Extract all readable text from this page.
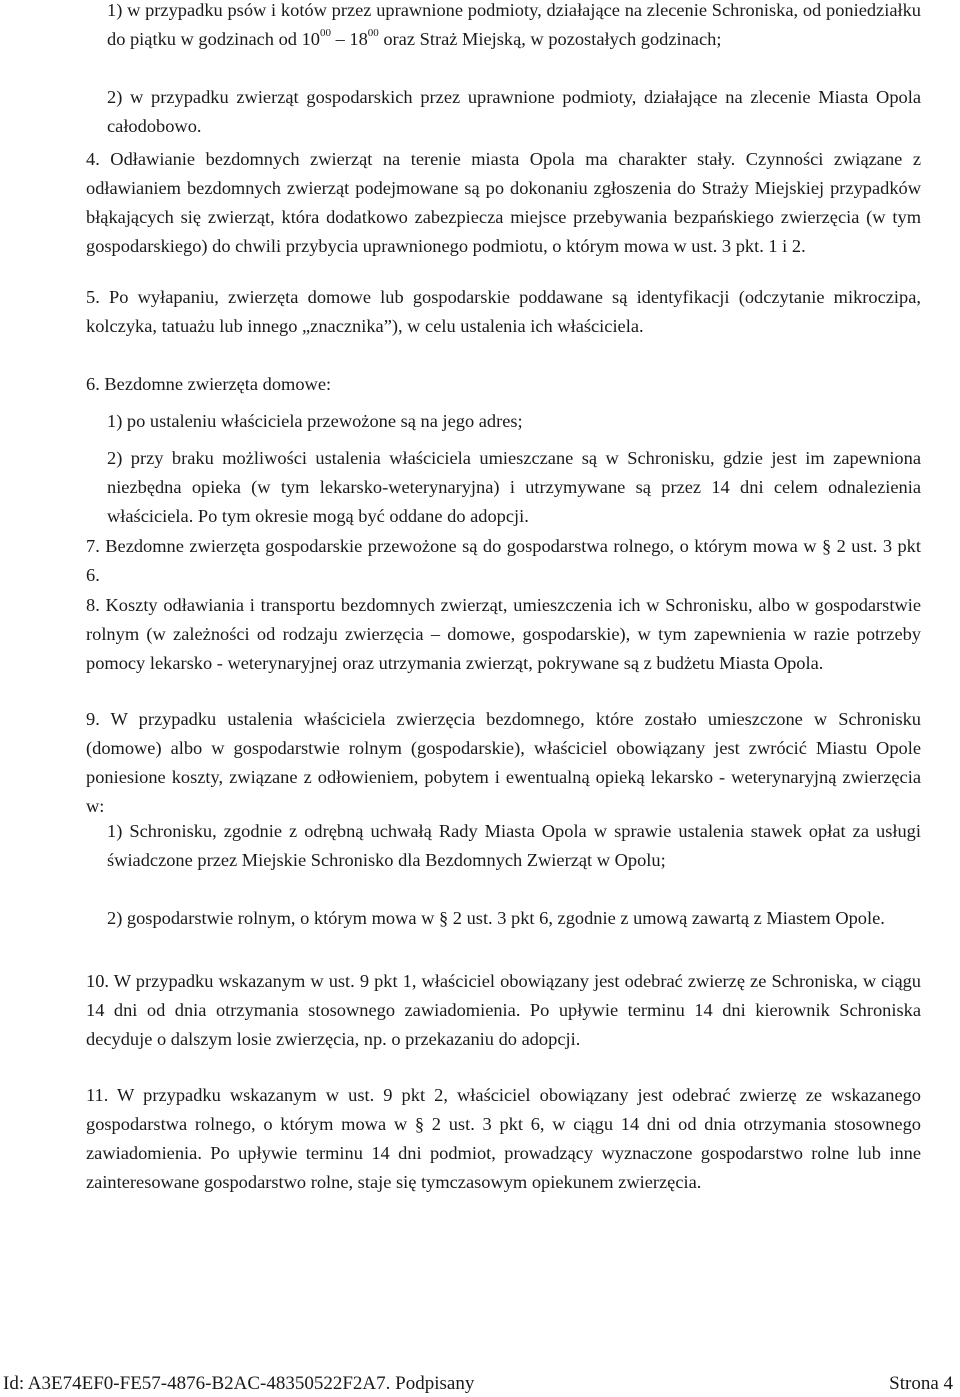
1) w przypadku psów i kotów przez uprawnione podmioty, działające na zlecenie Schroniska, od poniedziałku do piątku w godzinach od $10^{00} - 18^{00}$ oraz Straż Miejską, w pozostałych godzinach;
2) w przypadku zwierząt gospodarskich przez uprawnione podmioty, działające na zlecenie Miasta Opola całodobowo.
4. Odławianie bezdomnych zwierząt na terenie miasta Opola ma charakter stały. Czynności związane z odławianiem bezdomnych zwierząt podejmowane są po dokonaniu zgłoszenia do Straży Miejskiej przypadków błąkających się zwierząt, która dodatkowo zabezpiecza miejsce przebywania bezpańskiego zwierzęcia (w tym gospodarskiego) do chwili przybycia uprawnionego podmiotu, o którym mowa w ust. 3 pkt. 1 i 2.
5. Po wyłapaniu, zwierzęta domowe lub gospodarskie poddawane są identyfikacji (odczytanie mikroczipa, kolczyka, tatuażu lub innego „znacznika”), w celu ustalenia ich właściciela.
6. Bezdomne zwierzęta domowe:
1) po ustaleniu właściciela przewożone są na jego adres;
2) przy braku możliwości ustalenia właściciela umieszczane są w Schronisku, gdzie jest im zapewniona niezbędna opieka (w tym lekarsko-weterynaryjna) i utrzymywane są przez 14 dni celem odnalezienia właściciela. Po tym okresie mogą być oddane do adopcji.
7. Bezdomne zwierzęta gospodarskie przewożone są do gospodarstwa rolnego, o którym mowa w § 2 ust. 3 pkt 6.
8. Koszty odławiania i transportu bezdomnych zwierząt, umieszczenia ich w Schronisku, albo w gospodarstwie rolnym (w zależności od rodzaju zwierzęcia – domowe, gospodarskie), w tym zapewnienia w razie potrzeby pomocy lekarsko - weterynaryjnej oraz utrzymania zwierząt, pokrywane są z budżetu Miasta Opola.
9. W przypadku ustalenia właściciela zwierzęcia bezdomnego, które zostało umieszczone w Schronisku (domowe) albo w gospodarstwie rolnym (gospodarskie), właściciel obowiązany jest zwrócić Miastu Opole poniesione koszty, związane z odłowieniem, pobytem i ewentualną opieką lekarsko - weterynaryjną zwierzęcia w:
1) Schronisku, zgodnie z odrębną uchwałą Rady Miasta Opola w sprawie ustalenia stawek opłat za usługi świadczone przez Miejskie Schronisko dla Bezdomnych Zwierząt w Opolu;
2) gospodarstwie rolnym, o którym mowa w § 2 ust. 3 pkt 6, zgodnie z umową zawartą z Miastem Opole.
10. W przypadku wskazanym w ust. 9 pkt 1, właściciel obowiązany jest odebrać zwierzę ze Schroniska, w ciągu 14 dni od dnia otrzymania stosownego zawiadomienia. Po upływie terminu 14 dni kierownik Schroniska decyduje o dalszym losie zwierzęcia, np. o przekazaniu do adopcji.
11. W przypadku wskazanym w ust. 9 pkt 2, właściciel obowiązany jest odebrać zwierzę ze wskazanego gospodarstwa rolnego, o którym mowa w § 2 ust. 3 pkt 6, w ciągu 14 dni od dnia otrzymania stosownego zawiadomienia. Po upływie terminu 14 dni podmiot, prowadzący wyznaczone gospodarstwo rolne lub inne zainteresowane gospodarstwo rolne, staje się tymczasowym opiekunem zwierzęcia.
Id: A3E74EF0-FE57-4876-B2AC-48350522F2A7. Podpisany	Strona 4
